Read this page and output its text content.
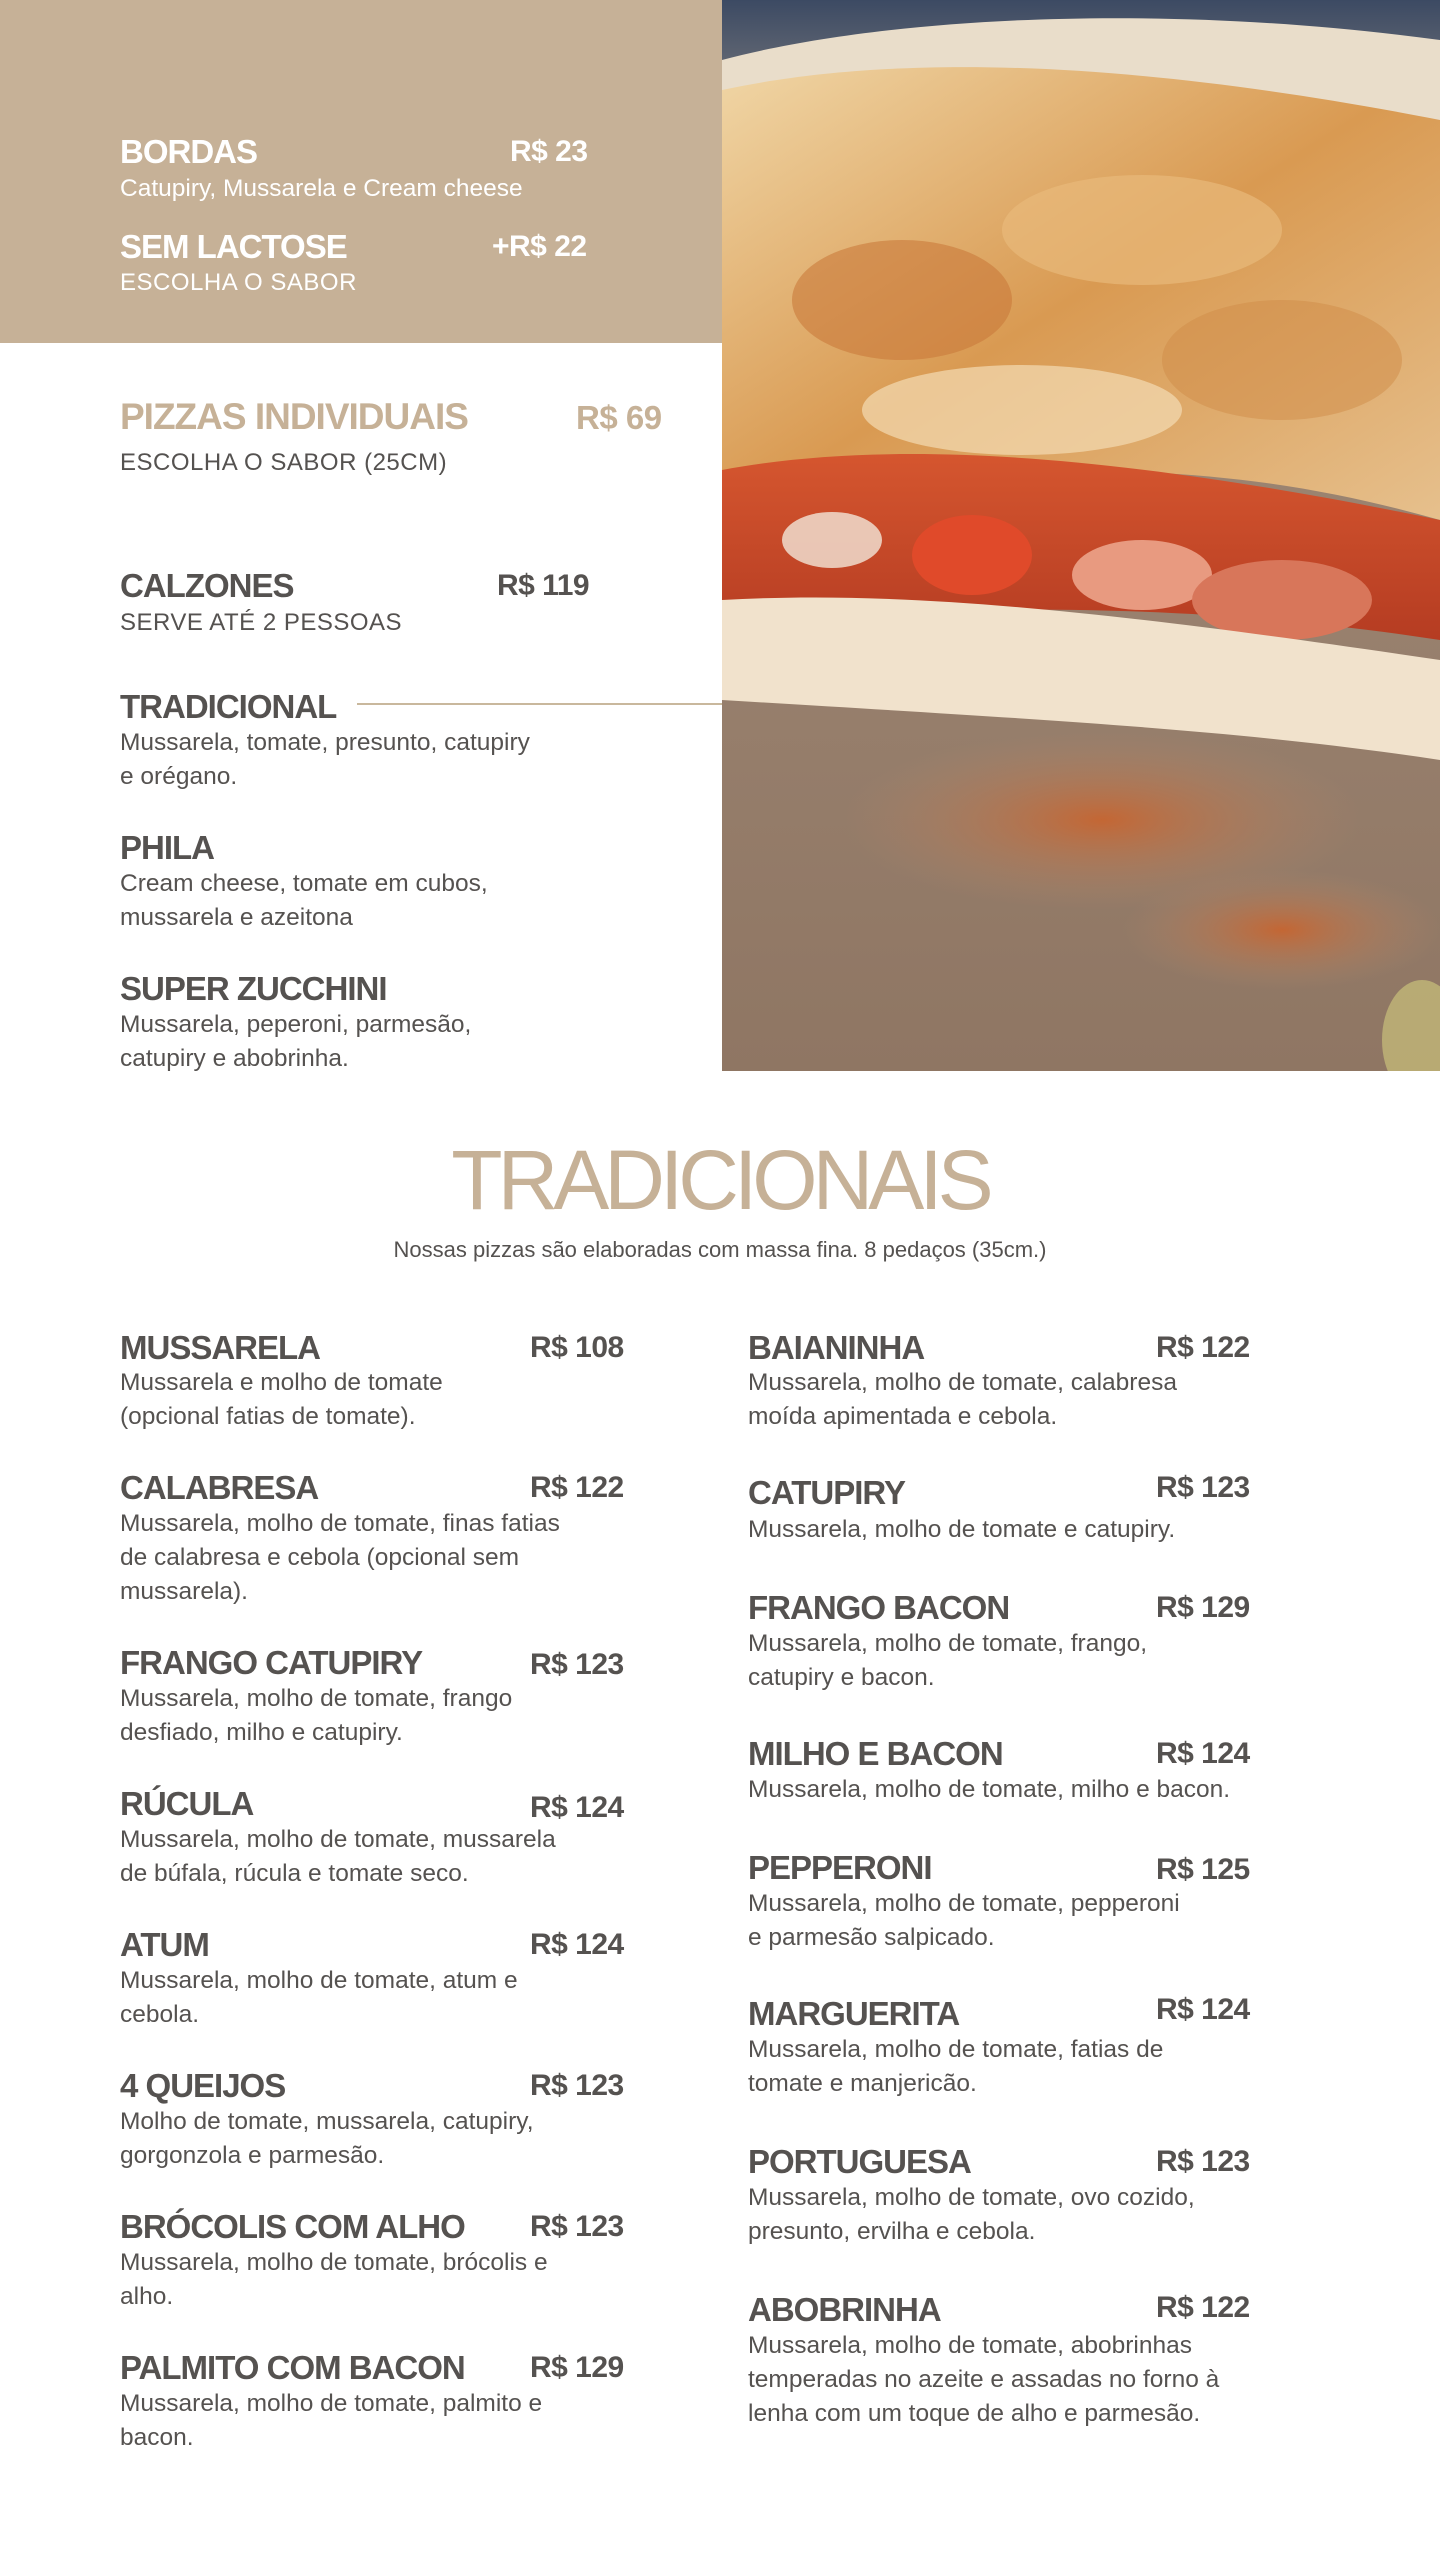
BORDAS	R$ 23
Catupiry, Mussarela e Cream cheese
SEM LACTOSE	+R$ 22
ESCOLHA O SABOR
PIZZAS INDIVIDUAIS	R$ 69
ESCOLHA O SABOR (25CM)
CALZONES	R$ 119
SERVE ATÉ 2 PESSOAS
TRADICIONAL
Mussarela, tomate, presunto, catupiry
e orégano.
PHILA
Cream cheese, tomate em cubos,
mussarela e azeitona
SUPER ZUCCHINI
Mussarela, peperoni, parmesão,
catupiry e abobrinha.
TRADICIONAIS
Nossas pizzas são elaboradas com massa fina. 8 pedaços (35cm.)
MUSSARELA	R$ 108
Mussarela e molho de tomate
(opcional fatias de tomate).
CALABRESA	R$ 122
Mussarela, molho de tomate, finas fatias
de calabresa e cebola (opcional sem
mussarela).
FRANGO CATUPIRY	R$ 123
Mussarela, molho de tomate, frango
desfiado, milho e catupiry.
RÚCULA	R$ 124
Mussarela, molho de tomate, mussarela
de búfala, rúcula e tomate seco.
ATUM	R$ 124
Mussarela, molho de tomate, atum e
cebola.
4 QUEIJOS	R$ 123
Molho de tomate, mussarela, catupiry,
gorgonzola e parmesão.
BRÓCOLIS COM ALHO R$ 123
Mussarela, molho de tomate, brócolis e
alho.
PALMITO COM BACON R$ 129
Mussarela, molho de tomate, palmito e
bacon.
BAIANINHA	R$ 122
Mussarela, molho de tomate, calabresa
moída apimentada e cebola.
CATUPIRY	R$ 123
Mussarela, molho de tomate e catupiry.
FRANGO BACON	R$ 129
Mussarela, molho de tomate, frango,
catupiry e bacon.
MILHO E BACON	R$ 124
Mussarela, molho de tomate, milho e bacon.
PEPPERONI	R$ 125
Mussarela, molho de tomate, pepperoni
e parmesão salpicado.
MARGUERITA	R$ 124
Mussarela, molho de tomate, fatias de
tomate e manjericão.
PORTUGUESA	R$ 123
Mussarela, molho de tomate, ovo cozido,
presunto, ervilha e cebola.
ABOBRINHA	R$ 122
Mussarela, molho de tomate, abobrinhas
temperadas no azeite e assadas no forno à
lenha com um toque de alho e parmesão.
